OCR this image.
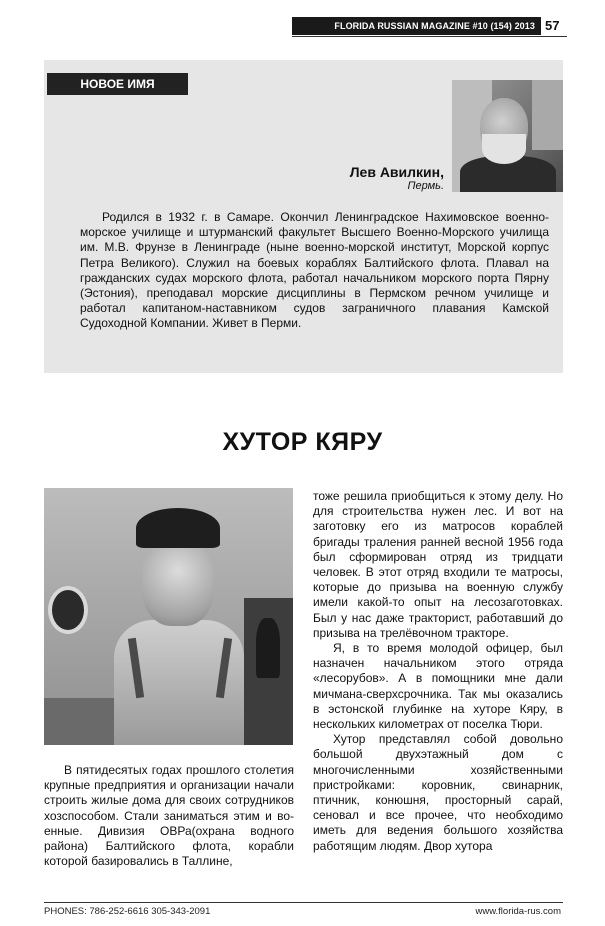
FLORIDA RUSSIAN MAGAZINE #10 (154) 2013 57
НОВОЕ ИМЯ
Лев Авилкин,
Пермь.
Родился в 1932 г. в Самаре. Окончил Ленинградское Нахимовское военно-морское училище и штурманский факультет Высшего Военно-Морского училища им. М.В. Фрунзе в Ленинграде (ныне военно-морской институт, Морской корпус Петра Великого). Служил на боевых кораблях Балтийского флота. Плавал на гражданских судах морского флота, работал начальником морского порта Пярну (Эстония), преподавал морские дисциплины в Пермском речном училище и работал капитаном-наставником судов заграничного плавания Камской Судоходной Компании. Живет в Перми.
ХУТОР КЯРУ

В пятидесятых годах прошлого столетия крупные предприятия и организации начали строить жилые дома для своих сотрудников хозспособом. Стали заниматься этим и военные. Дивизия ОВРа(охрана водного района) Балтийского флота, корабли которой базировались в Таллине,

тоже решила приобщиться к этому делу. Но для строительства нужен лес. И вот на заготовку его из матросов кораблей бригады траления ранней весной 1956 года был сформирован отряд из тридцати человек. В этот отряд входили те матросы, которые до призыва на военную службу имели какой-то опыт на лесозаготовках. Был у нас даже тракторист, работавший до призыва на трелёвочном тракторе.

Я, в то время молодой офицер, был назначен начальником этого отряда «лесорубов». А в помощники мне дали мичмана-сверхсрочника. Так мы оказались в эстонской глубинке на хуторе Кяру, в нескольких километрах от поселка Тюри.

Хутор представлял собой довольно большой двухэтажный дом с многочисленными хозяйственными пристройками: коровник, свинарник, птичник, конюшня, просторный сарай, сеновал и все прочее, что необходимо иметь для ведения большого хозяйства работящим людям. Двор хутора

PHONES: 786-252-6616 305-343-2091	www.florida-rus.com
